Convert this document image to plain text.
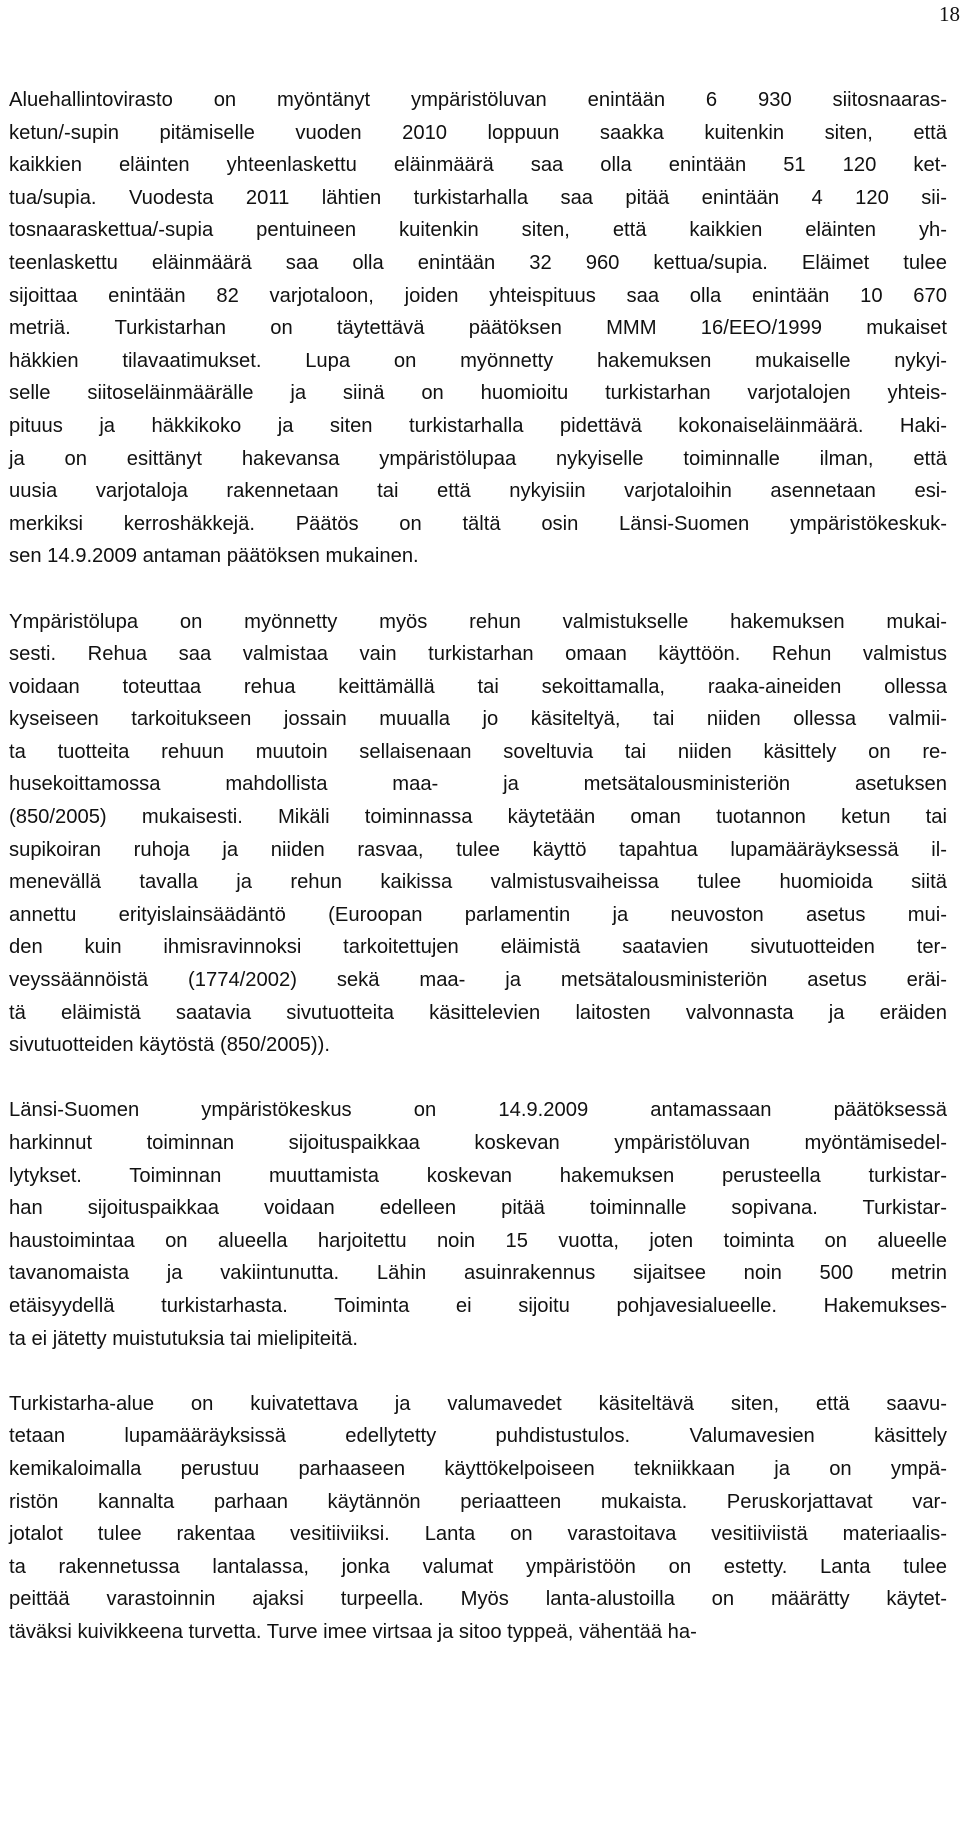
18
Aluehallintovirasto on myöntänyt ympäristöluvan enintään 6 930 siitosnaaras-
ketun/-supin pitämiselle vuoden 2010 loppuun saakka kuitenkin siten, että
kaikkien eläinten yhteenlaskettu eläinmäärä saa olla enintään 51 120 ket-
tua/supia. Vuodesta 2011 lähtien turkistarhalla saa pitää enintään 4 120 sii-
tosnaaraskettua/-supia pentuineen kuitenkin siten, että kaikkien eläinten yh-
teenlaskettu eläinmäärä saa olla enintään 32 960 kettua/supia. Eläimet tulee
sijoittaa enintään 82 varjotaloon, joiden yhteispituus saa olla enintään 10 670
metriä. Turkistarhan on täytettävä päätöksen MMM 16/EEO/1999 mukaiset
häkkien tilavaatimukset. Lupa on myönnetty hakemuksen mukaiselle nykyi-
selle siitoseläinmäärälle ja siinä on huomioitu turkistarhan varjotalojen yhteis-
pituus ja häkkikoko ja siten turkistarhalla pidettävä kokonaiseläinmäärä. Haki-
ja on esittänyt hakevansa ympäristölupaa nykyiselle toiminnalle ilman, että
uusia varjotaloja rakennetaan tai että nykyisiin varjotaloihin asennetaan esi-
merkiksi kerroshäkkejä. Päätös on tältä osin Länsi-Suomen ympäristökeskuk-
sen 14.9.2009 antaman päätöksen mukainen.
Ympäristölupa on myönnetty myös rehun valmistukselle hakemuksen mukai-
sesti. Rehua saa valmistaa vain turkistarhan omaan käyttöön. Rehun valmistus
voidaan toteuttaa rehua keittämällä tai sekoittamalla, raaka-aineiden ollessa
kyseiseen tarkoitukseen jossain muualla jo käsiteltyä, tai niiden ollessa valmii-
ta tuotteita rehuun muutoin sellaisenaan soveltuvia tai niiden käsittely on re-
husekoittamossa mahdollista maa- ja metsätalousministeriön asetuksen
(850/2005) mukaisesti. Mikäli toiminnassa käytetään oman tuotannon ketun tai
supikoiran ruhoja ja niiden rasvaa, tulee käyttö tapahtua lupamääräyksessä il-
menevällä tavalla ja rehun kaikissa valmistusvaiheissa tulee huomioida siitä
annettu erityislainsäädäntö (Euroopan parlamentin ja neuvoston asetus mui-
den kuin ihmisravinnoksi tarkoitettujen eläimistä saatavien sivutuotteiden ter-
veyssäännöistä (1774/2002) sekä maa- ja metsätalousministeriön asetus eräi-
tä eläimistä saatavia sivutuotteita käsittelevien laitosten valvonnasta ja eräiden
sivutuotteiden käytöstä (850/2005)).
Länsi-Suomen ympäristökeskus on 14.9.2009 antamassaan päätöksessä
harkinnut toiminnan sijoituspaikkaa koskevan ympäristöluvan myöntämisedel-
lytykset. Toiminnan muuttamista koskevan hakemuksen perusteella turkistar-
han sijoituspaikkaa voidaan edelleen pitää toiminnalle sopivana. Turkistar-
haustoimintaa on alueella harjoitettu noin 15 vuotta, joten toiminta on alueelle
tavanomaista ja vakiintunutta. Lähin asuinrakennus sijaitsee noin 500 metrin
etäisyydellä turkistarhasta. Toiminta ei sijoitu pohjavesialueelle. Hakemukses-
ta ei jätetty muistutuksia tai mielipiteitä.
Turkistarha-alue on kuivatettava ja valumavedet käsiteltävä siten, että saavu-
tetaan lupamääräyksissä edellytetty puhdistustulos. Valumavesien käsittely
kemikaloimalla perustuu parhaaseen käyttökelpoiseen tekniikkaan ja on ympä-
ristön kannalta parhaan käytännön periaatteen mukaista. Peruskorjattavat var-
jotalot tulee rakentaa vesitiiviiksi. Lanta on varastoitava vesitiiviistä materiaalis-
ta rakennetussa lantalassa, jonka valumat ympäristöön on estetty. Lanta tulee
peittää varastoinnin ajaksi turpeella. Myös lanta-alustoilla on määrätty käytet-
täväksi kuivikkeena turvetta. Turve imee virtsaa ja sitoo typpeä, vähentää ha-
